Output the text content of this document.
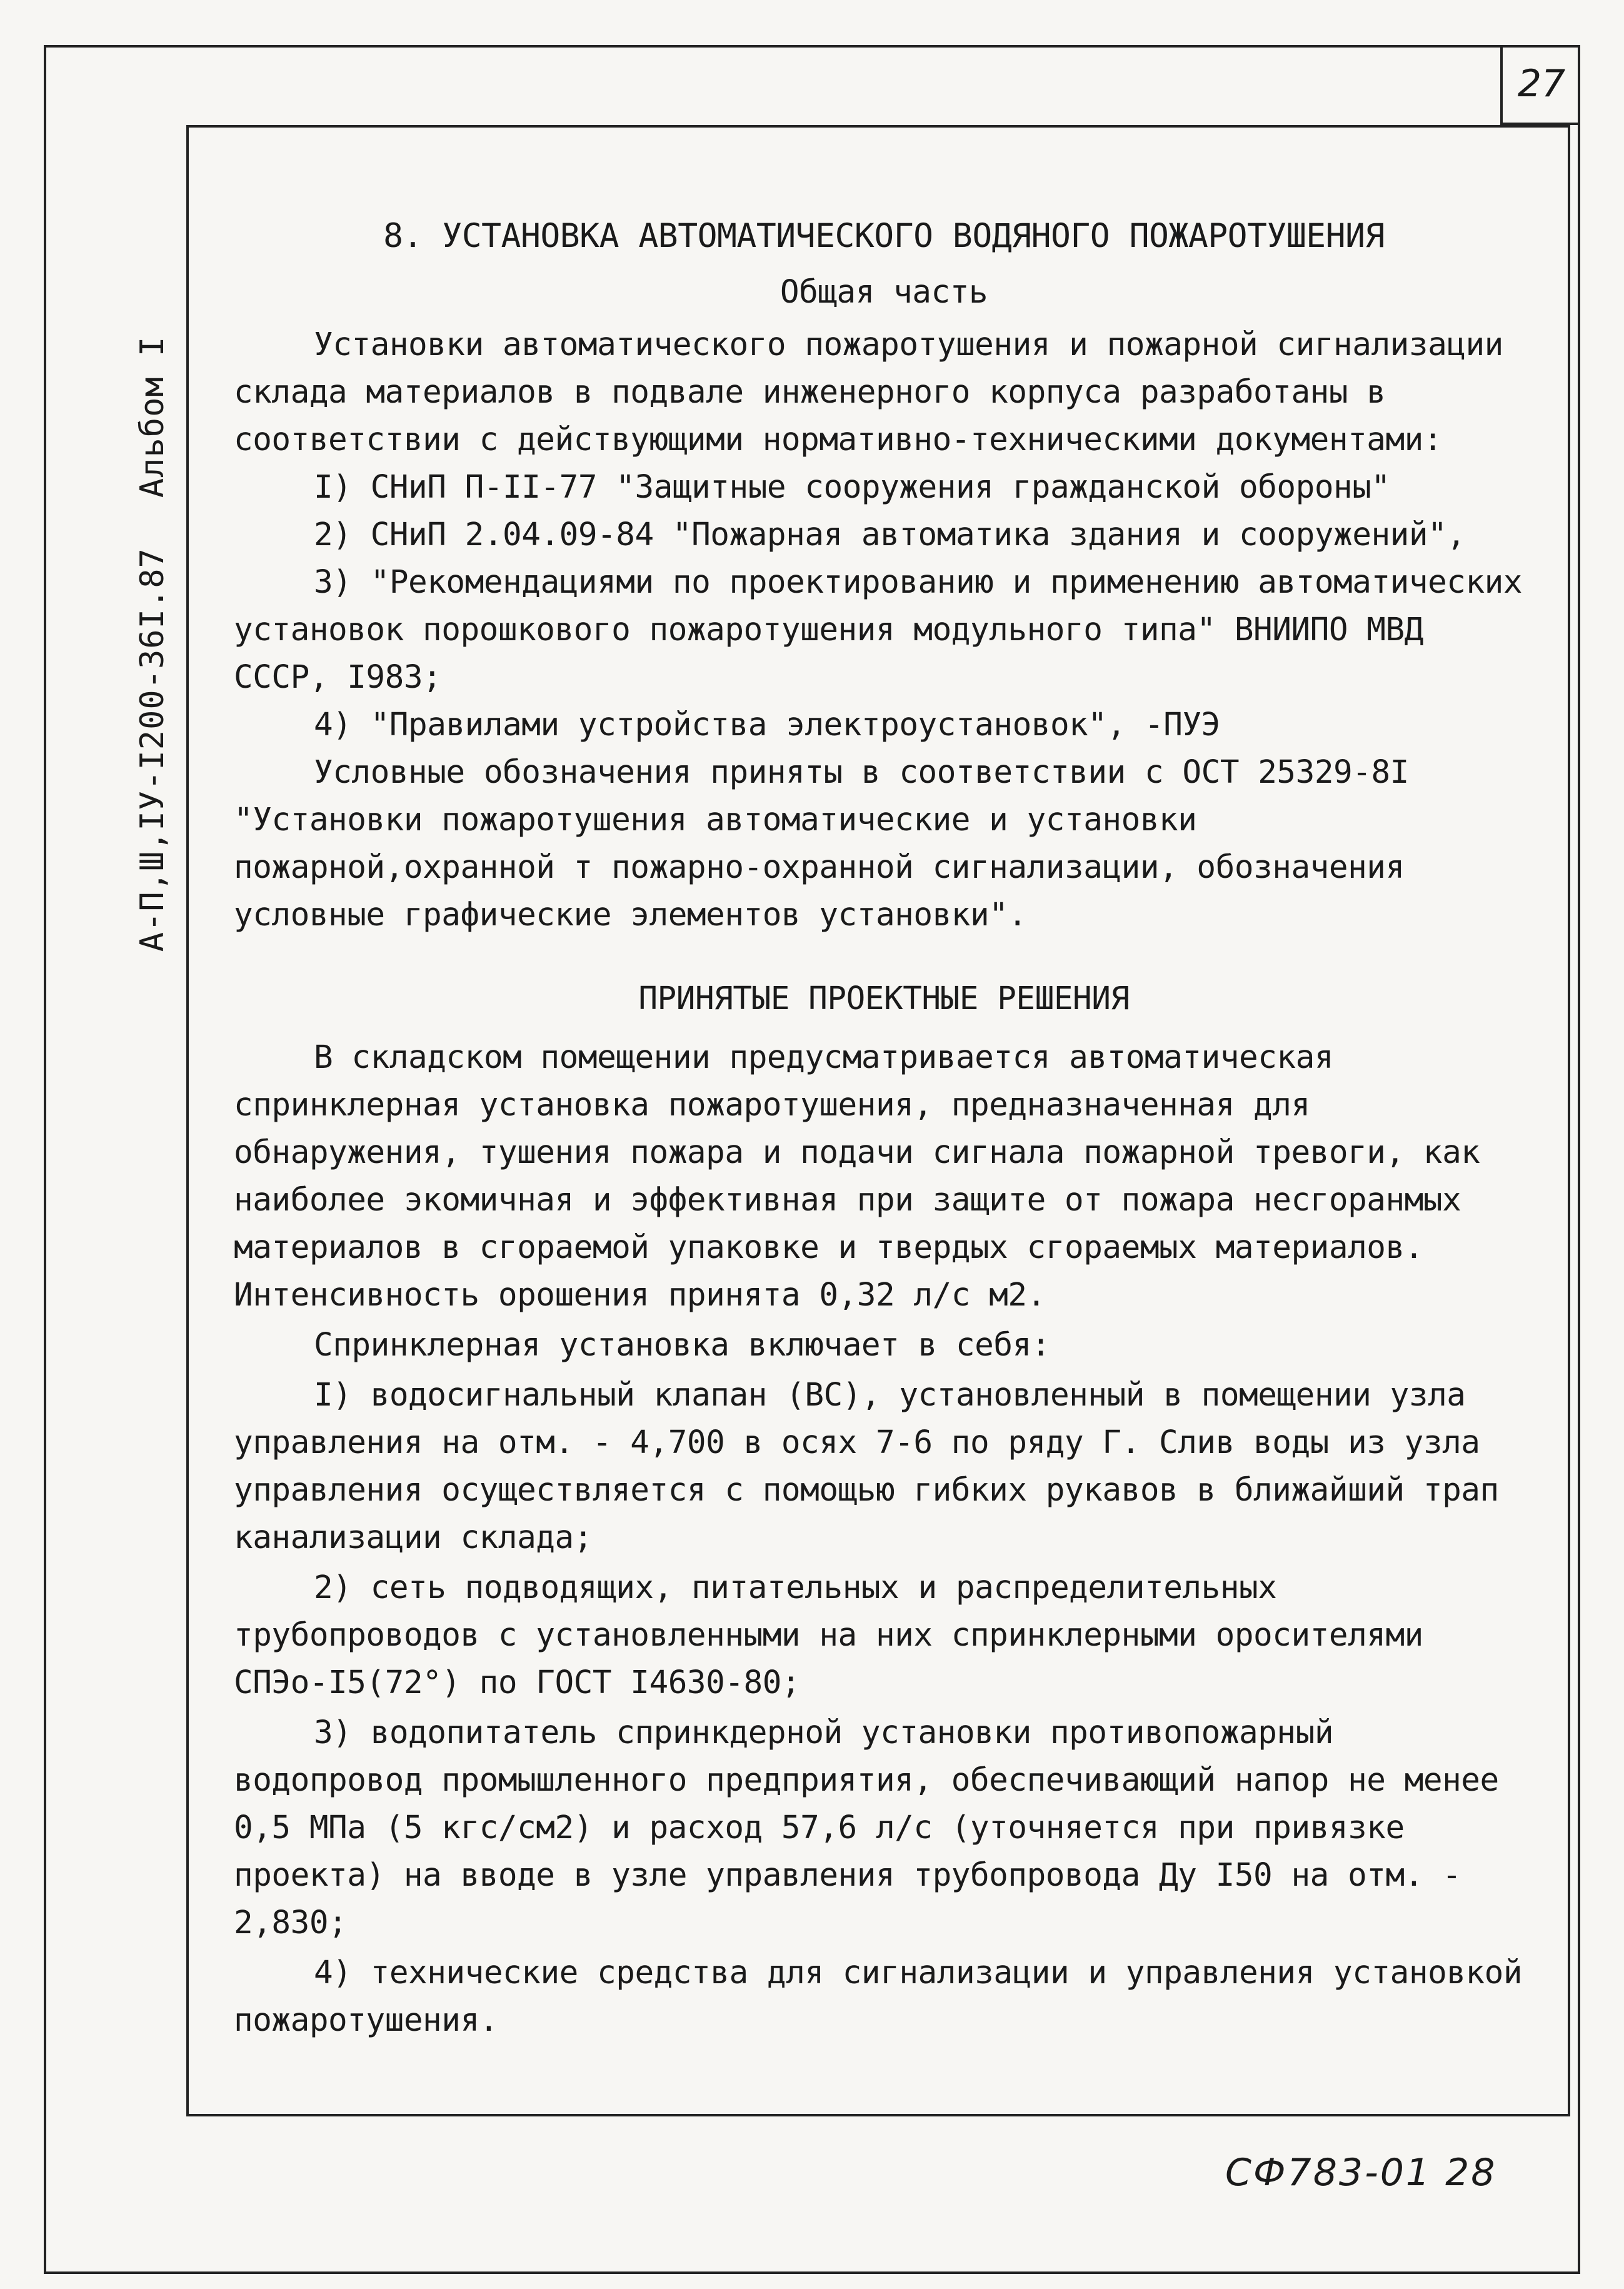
27
А-П,Ш,IУ-I200-36I.87Альбом I

8. УСТАНОВКА АВТОМАТИЧЕСКОГО ВОДЯНОГО ПОЖАРОТУШЕНИЯ

Общая часть

Установки автоматического пожаротушения и пожарной сигнализации склада материалов в подвале инженерного корпуса разработаны в соответствии с действующими нормативно-техническими документами:

I) СНиП П-II-77 "Защитные сооружения гражданской обороны"

2) СНиП 2.04.09-84 "Пожарная автоматика здания и сооружений",

3) "Рекомендациями по проектированию и применению автоматических установок порошкового пожаротушения модульного типа" ВНИИПО МВД СССР, I983;

4) "Правилами устройства электроустановок", -ПУЭ

Условные обозначения приняты в соответствии с ОСТ 25329-8I "Установки пожаротушения автоматические и установки пожарной,охранной т пожарно-охранной сигнализации, обозначения условные графические элементов установки".

ПРИНЯТЫЕ ПРОЕКТНЫЕ РЕШЕНИЯ

В складском помещении предусматривается автоматическая спринклерная установка пожаротушения, предназначенная для обнаружения, тушения пожара и подачи сигнала пожарной тревоги, как наиболее экомичная и эффективная при защите от пожара несгоранмых материалов в сгораемой упаковке и твердых сгораемых материалов. Интенсивность орошения принята 0,32 л/с м2.

Спринклерная установка включает в себя:

I) водосигнальный клапан (ВС), установленный в помещении узла управления на отм. - 4,700 в осях 7-6 по ряду Г. Слив воды из узла управления осуществляется с помощью гибких рукавов в ближайший трап канализации склада;

2) сеть подводящих, питательных и распределительных трубопроводов с установленными на них спринклерными оросителями СПЭо-I5(72°) по ГОСТ I4630-80;

3) водопитатель спринкдерной установки противопожарный водопровод промышленного предприятия, обеспечивающий напор не менее 0,5 МПа (5 кгс/см2) и расход 57,6 л/с (уточняется при привязке проекта) на вводе в узле управления трубопровода Ду I50 на отм. - 2,830;

4) технические средства для сигнализации и управления установкой пожаротушения.

СФ783-01 28
